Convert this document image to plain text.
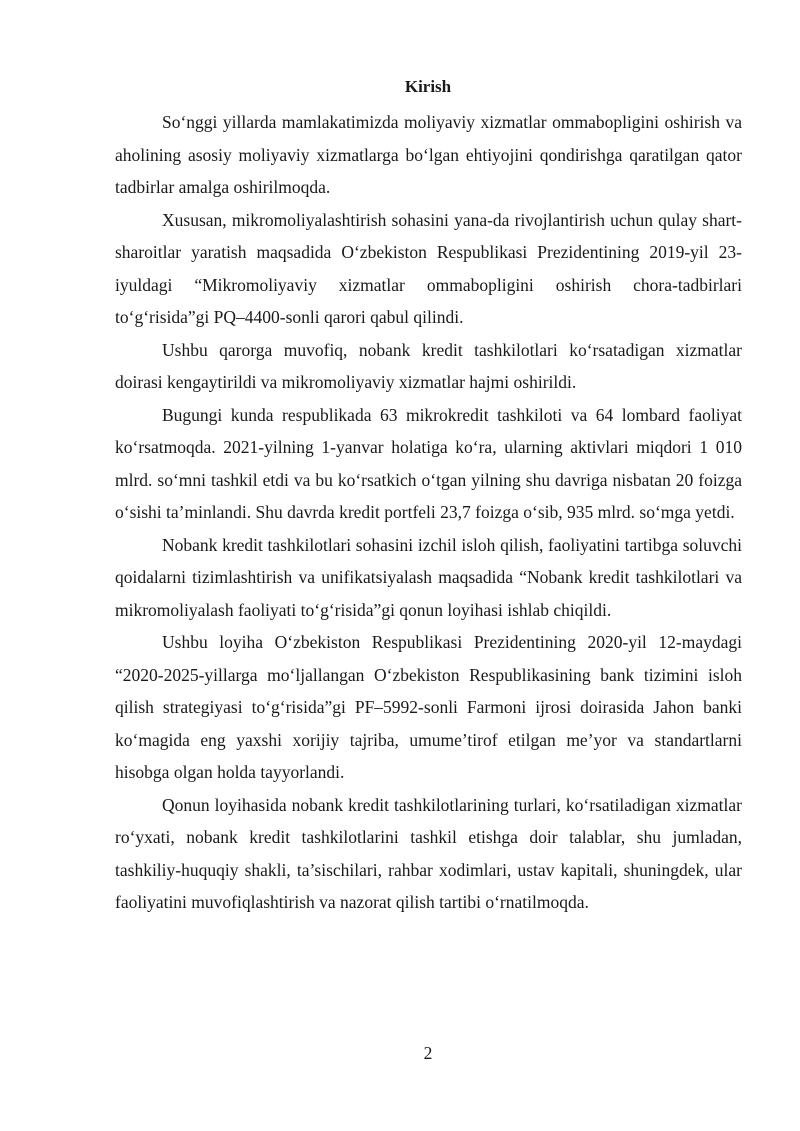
Kirish

So‘nggi yillarda mamlakatimizda moliyaviy xizmatlar ommabopligini oshirish va aholining asosiy moliyaviy xizmatlarga bo‘lgan ehtiyojini qondirishga qaratilgan qator tadbirlar amalga oshirilmoqda.

Xususan, mikromoliyalashtirish sohasini yana-da rivojlantirish uchun qulay shart-sharoitlar yaratish maqsadida O‘zbekiston Respublikasi Prezidentining 2019-yil 23-iyuldagi “Mikromoliyaviy xizmatlar ommabopligini oshirish chora-tadbirlari to‘g‘risida”gi PQ–4400-sonli qarori qabul qilindi.

Ushbu qarorga muvofiq, nobank kredit tashkilotlari ko‘rsatadigan xizmatlar doirasi kengaytirildi va mikromoliyaviy xizmatlar hajmi oshirildi.

Bugungi kunda respublikada 63 mikrokredit tashkiloti va 64 lombard faoliyat ko‘rsatmoqda. 2021-yilning 1-yanvar holatiga ko‘ra, ularning aktivlari miqdori 1 010 mlrd. so‘mni tashkil etdi va bu ko‘rsatkich o‘tgan yilning shu davriga nisbatan 20 foizga o‘sishi ta’minlandi. Shu davrda kredit portfeli 23,7 foizga o‘sib, 935 mlrd. so‘mga yetdi.

Nobank kredit tashkilotlari sohasini izchil isloh qilish, faoliyatini tartibga soluvchi qoidalarni tizimlashtirish va unifikatsiyalash maqsadida “Nobank kredit tashkilotlari va mikromoliyalash faoliyati to‘g‘risida”gi qonun loyihasi ishlab chiqildi.

Ushbu loyiha O‘zbekiston Respublikasi Prezidentining 2020-yil 12-maydagi “2020-2025-yillarga mo‘ljallangan O‘zbekiston Respublikasining bank tizimini isloh qilish strategiyasi to‘g‘risida”gi PF–5992-sonli Farmoni ijrosi doirasida Jahon banki ko‘magida eng yaxshi xorijiy tajriba, umume’tirof etilgan me’yor va standartlarni hisobga olgan holda tayyorlandi.

Qonun loyihasida nobank kredit tashkilotlarining turlari, ko‘rsatiladigan xizmatlar ro‘yxati, nobank kredit tashkilotlarini tashkil etishga doir talablar, shu jumladan, tashkiliy-huquqiy shakli, ta’sischilari, rahbar xodimlari, ustav kapitali, shuningdek, ular faoliyatini muvofiqlashtirish va nazorat qilish tartibi o‘rnatilmoqda.

2
